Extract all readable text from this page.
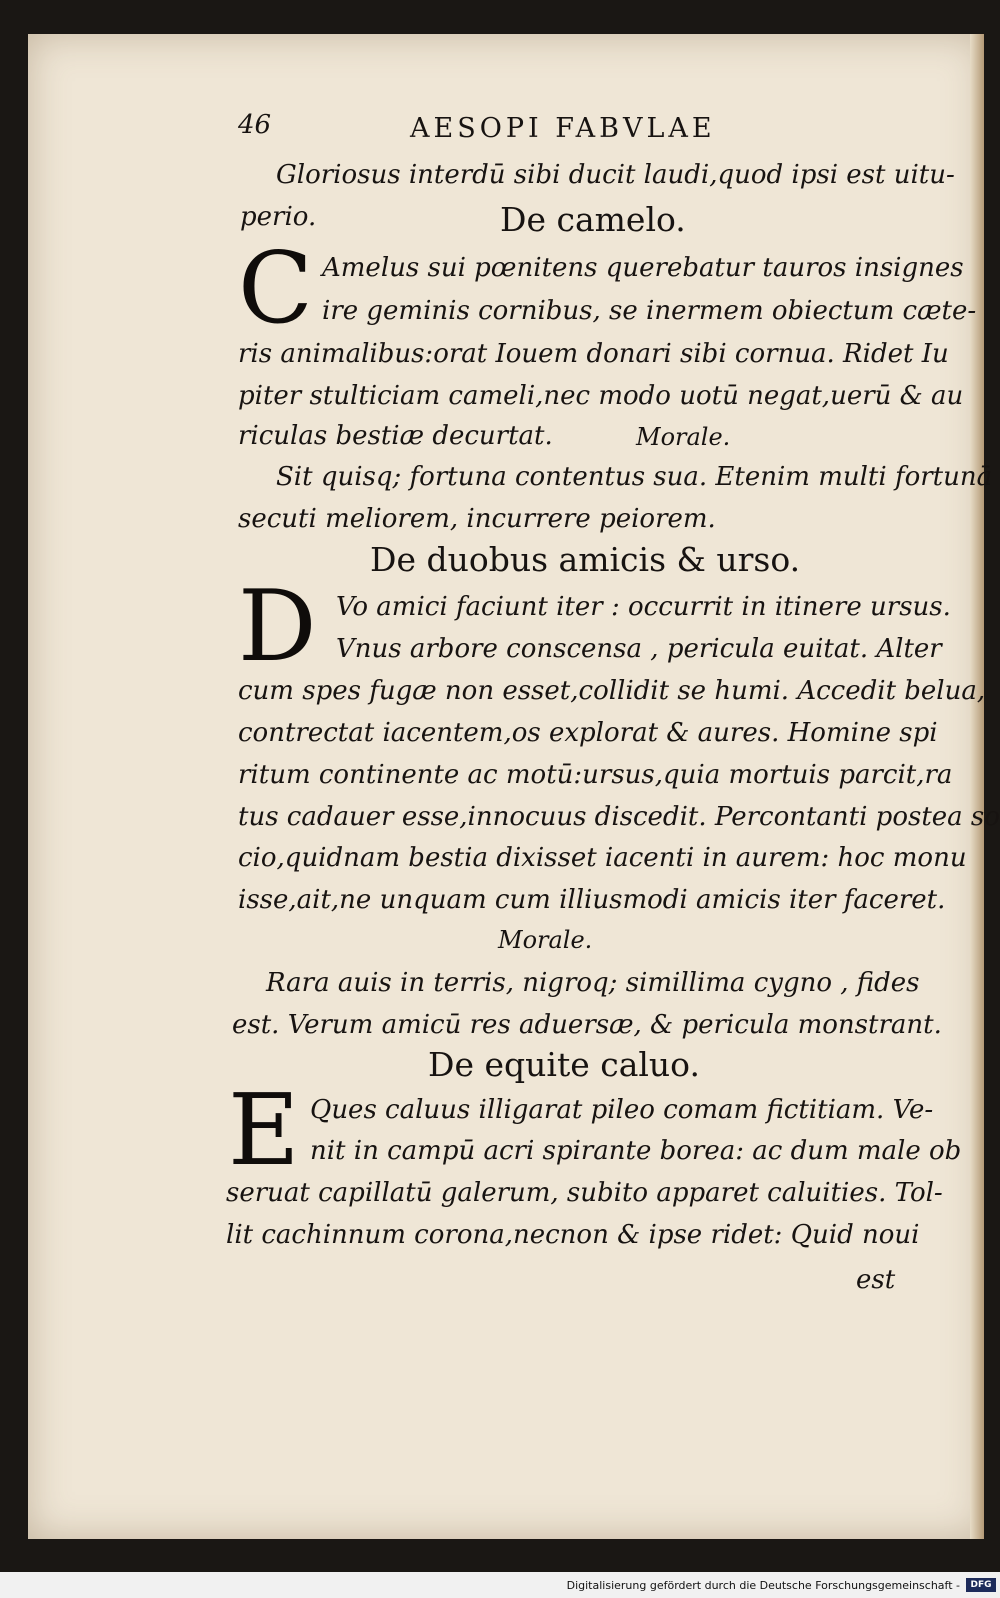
46	AESOPI FABVLAE
Gloriosus interdū sibi ducit laudi,quod ipsi est uitu-
perio.	De camelo.
C Amelus sui pœnitens querebatur tauros insignes
ire geminis cornibus, se inermem obiectum cæte-
ris animalibus:orat Iouem donari sibi cornua. Ridet Iu
piter stulticiam cameli,nec modo uotū negat,uerū & au
riculas bestiæ decurtat.	Morale.
Sit quisq; fortuna contentus sua. Etenim multi fortunā
secuti meliorem, incurrere peiorem.
De duobus amicis & urso.
D Vo amici faciunt iter : occurrit in itinere ursus.
Vnus arbore conscensa , pericula euitat. Alter
cum spes fugæ non esset,collidit se humi. Accedit belua,
contrectat iacentem,os explorat & aures. Homine spi
ritum continente ac motū:ursus,quia mortuis parcit,ra
tus cadauer esse,innocuus discedit. Percontanti postea so
cio,quidnam bestia dixisset iacenti in aurem: hoc monu
isse,ait,ne unquam cum illiusmodi amicis iter faceret.
Morale.
Rara auis in terris, nigroq; simillima cygno , fides
est. Verum amicū res aduersæ, & pericula monstrant.
De equite caluo.
E Ques caluus illigarat pileo comam fictitiam. Ve-
nit in campū acri spirante borea: ac dum male ob
seruat capillatū galerum, subito apparet caluities. Tol-
lit cachinnum corona,necnon & ipse ridet: Quid noui
est
Digitalisierung gefördert durch die Deutsche Forschungsgemeinschaft -	DFG
